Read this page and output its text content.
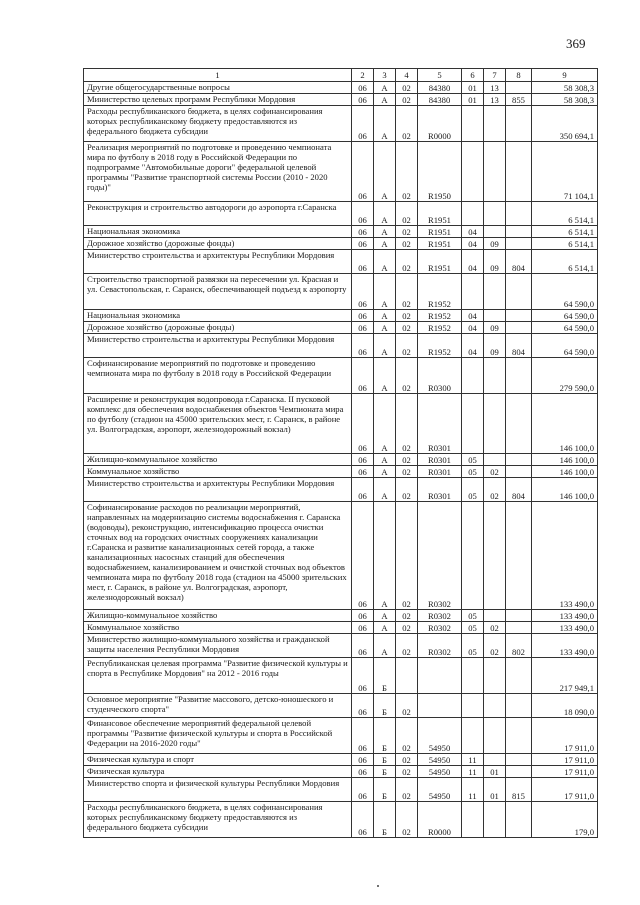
369
1	2	3	4	5	6	7	8	9
Другие общегосударственные вопросы	06	А	02	84380	01	13		58 308,3
Министерство целевых программ Республики Мордовия	06	А	02	84380	01	13	855	58 308,3
Расходы республиканского бюджета, в целях софинансирования которых республиканскому бюджету предоставляются из федерального бюджета субсидии	06	А	02	R0000				350 694,1
Реализация мероприятий по подготовке и проведению чемпионата мира по футболу в 2018 году в Российской Федерации по подпрограмме "Автомобильные дороги" федеральной целевой программы "Развитие транспортной системы России (2010 - 2020 годы)"	06	А	02	R1950				71 104,1
Реконструкция и строительство автодороги до аэропорта г.Саранска	06	А	02	R1951				6 514,1
Национальная экономика	06	А	02	R1951	04			6 514,1
Дорожное хозяйство (дорожные фонды)	06	А	02	R1951	04	09		6 514,1
Министерство строительства и архитектуры Республики Мордовия	06	А	02	R1951	04	09	804	6 514,1
Строительство транспортной развязки на пересечении ул. Красная и ул. Севастопольская, г. Саранск, обеспечивающей подъезд к аэропорту	06	А	02	R1952				64 590,0
Национальная экономика	06	А	02	R1952	04			64 590,0
Дорожное хозяйство (дорожные фонды)	06	А	02	R1952	04	09		64 590,0
Министерство строительства и архитектуры Республики Мордовия	06	А	02	R1952	04	09	804	64 590,0
Софинансирование мероприятий по подготовке и проведению чемпионата мира по футболу в 2018 году в Российской Федерации	06	А	02	R0300				279 590,0
Расширение и реконструкция водопровода г.Саранска. II пусковой комплекс для обеспечения водоснабжения объектов Чемпионата мира по футболу (стадион на 45000 зрительских мест, г. Саранск, в районе ул. Волгоградская, аэропорт, железнодорожный вокзал)	06	А	02	R0301				146 100,0
Жилищно-коммунальное хозяйство	06	А	02	R0301	05			146 100,0
Коммунальное хозяйство	06	А	02	R0301	05	02		146 100,0
Министерство строительства и архитектуры Республики Мордовия	06	А	02	R0301	05	02	804	146 100,0
Софинансирование расходов по реализации мероприятий, направленных на модернизацию системы водоснабжения г. Саранска (водоводы), реконструкцию, интенсификацию процесса очистки сточных вод на городских очистных сооружениях канализации г.Саранска и развитие канализационных сетей города, а также канализационных насосных станций для обеспечения водоснабжением, канализированием и очисткой сточных вод объектов чемпионата мира по футболу 2018 года (стадион на 45000 зрительских мест, г. Саранск, в районе ул. Волгоградская, аэропорт, железнодорожный вокзал)	06	А	02	R0302				133 490,0
Жилищно-коммунальное хозяйство	06	А	02	R0302	05			133 490,0
Коммунальное хозяйство	06	А	02	R0302	05	02		133 490,0
Министерство жилищно-коммунального хозяйства и гражданской защиты населения Республики Мордовия	06	А	02	R0302	05	02	802	133 490,0
Республиканская целевая программа "Развитие физической культуры и спорта в Республике Мордовия" на 2012 - 2016 годы	06	Б						217 949,1
Основное мероприятие "Развитие массового, детско-юношеского и студенческого спорта"	06	Б	02					18 090,0
Финансовое обеспечение мероприятий федеральной целевой программы "Развитие физической культуры и спорта в Российской Федерации на 2016-2020 годы"	06	Б	02	54950				17 911,0
Физическая культура и спорт	06	Б	02	54950	11			17 911,0
Физическая культура	06	Б	02	54950	11	01		17 911,0
Министерство спорта и физической культуры Республики Мордовия	06	Б	02	54950	11	01	815	17 911,0
Расходы республиканского бюджета, в целях софинансирования которых республиканскому бюджету предоставляются из федерального бюджета субсидии	06	Б	02	R0000				179,0
